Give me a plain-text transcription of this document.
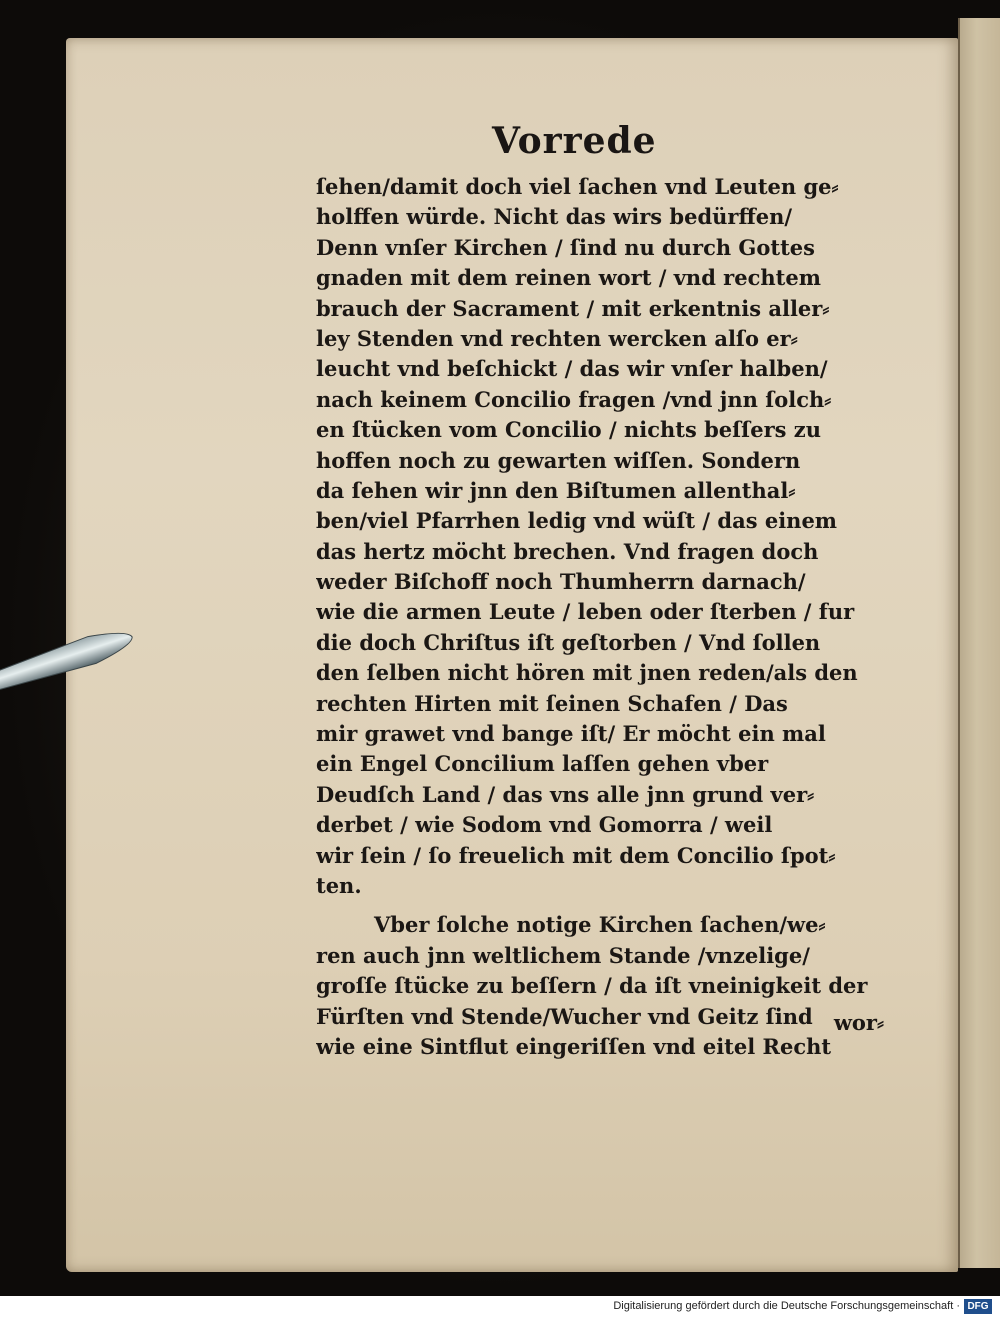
Vorrede
ſehen/damit doch viel ſachen vnd Leuten ge⸗
holffen würde. Nicht das wirs bedürffen/
Denn vnſer Kirchen / ſind nu durch Gottes
gnaden mit dem reinen wort / vnd rechtem
brauch der Sacrament / mit erkentnis aller⸗
ley Stenden vnd rechten wercken alſo er⸗
leucht vnd beſchickt / das wir vnſer halben/
nach keinem Concilio fragen /vnd jnn ſolch⸗
en ſtücken vom Concilio / nichts beſſers zu
hoffen noch zu gewarten wiſſen. Sondern
da ſehen wir jnn den Biſtumen allenthal⸗
ben/viel Pfarrhen ledig vnd wüſt / das einem
das hertz möcht brechen. Vnd fragen doch
weder Biſchoff noch Thumherrn darnach/
wie die armen Leute / leben oder ſterben / fur
die doch Chriſtus iſt geſtorben / Vnd ſollen
den ſelben nicht hören mit jnen reden/als den
rechten Hirten mit ſeinen Schafen / Das
mir grawet vnd bange iſt/ Er möcht ein mal
ein Engel Concilium laſſen gehen vber
Deudſch Land / das vns alle jnn grund ver⸗
derbet / wie Sodom vnd Gomorra / weil
wir ſein / ſo freuelich mit dem Concilio ſpot⸗
ten.
Vber ſolche notige Kirchen ſachen/we⸗
ren auch jnn weltlichem Stande /vnzelige/
groſſe ſtücke zu beſſern / da iſt vneinigkeit der
Fürſten vnd Stende/Wucher vnd Geitz ſind
wie eine Sintflut eingeriſſen vnd eitel Recht
wor⸗
Digitalisierung gefördert durch die Deutsche Forschungsgemeinschaft · DFG
